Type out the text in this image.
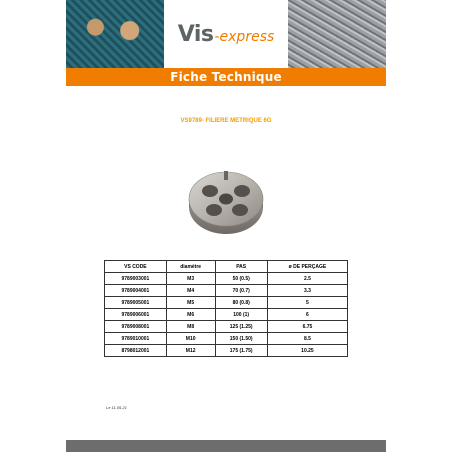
Vis -express
Fiche Technique
VS9789- FILIERE METRIQUE 6G
VS CODE	diamètre	PAS	ø DE PERÇAGE
9789003001	M3	50 (0.5)	2.5
9789004001	M4	70 (0.7)	3.3
9789005001	M5	80 (0.8)	5
9789006001	M6	100 (1)	6
9789008001	M8	125 (1.25)	6.75
9789010001	M10	150 (1.50)	8.5
8798012001	M12	175 (1.75)	10.25
Le 11.05.21
